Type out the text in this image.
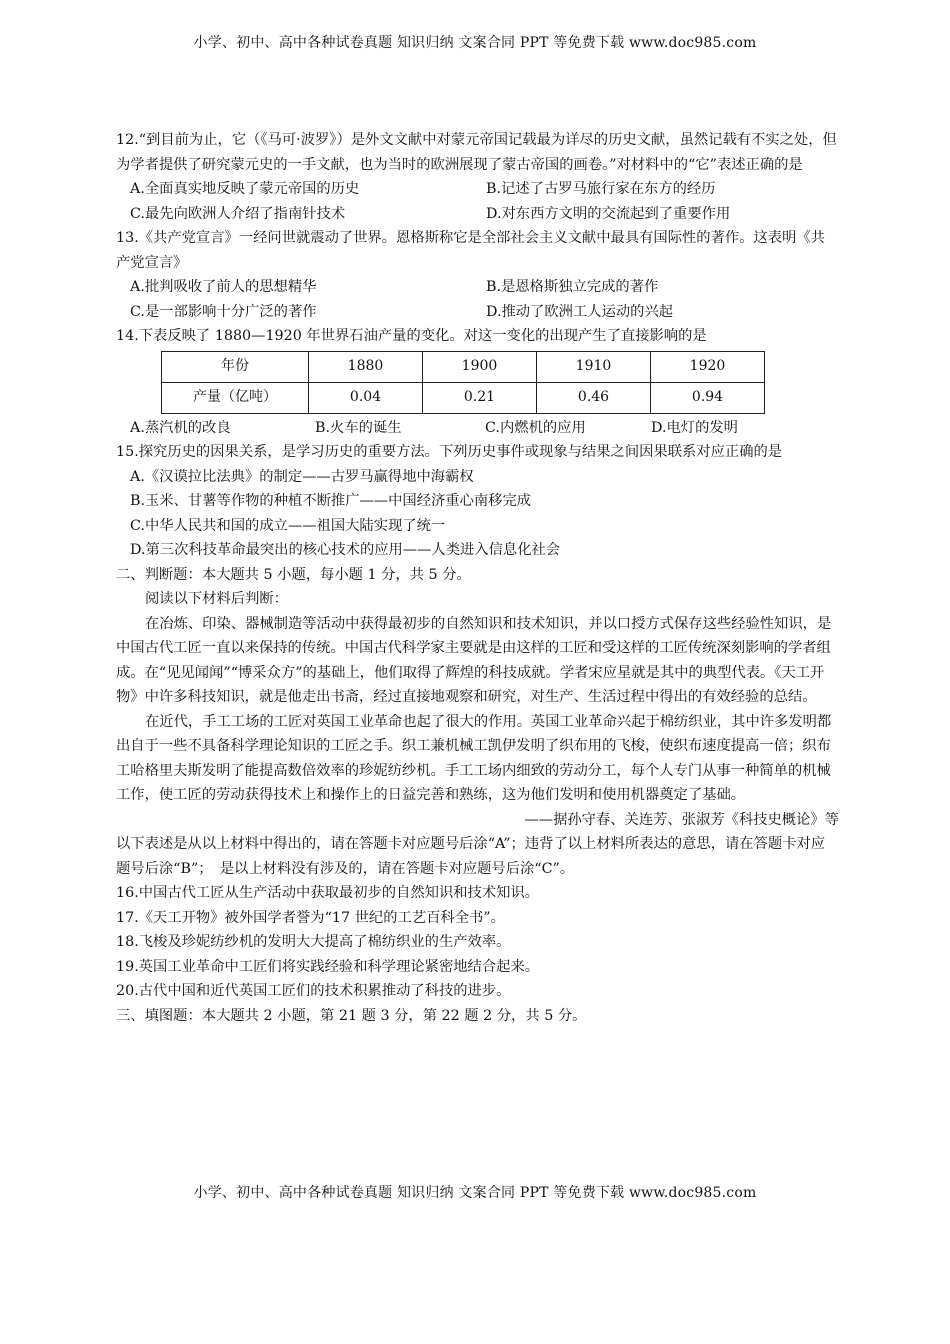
小学、初中、高中各种试卷真题 知识归纳 文案合同 PPT 等免费下载 www.doc985.com

12.“到目前为止，它（《马可·波罗》）是外文文献中对蒙元帝国记载最为详尽的历史文献，虽然记载有不实之处，但为学者提供了研究蒙元史的一手文献，也为当时的欧洲展现了蒙古帝国的画卷。”对材料中的“它”表述正确的是

A.全面真实地反映了蒙元帝国的历史	B.记述了古罗马旅行家在东方的经历
C.最先向欧洲人介绍了指南针技术	D.对东西方文明的交流起到了重要作用

13.《共产党宣言》一经问世就震动了世界。恩格斯称它是全部社会主义文献中最具有国际性的著作。这表明《共产党宣言》

A.批判吸收了前人的思想精华	B.是恩格斯独立完成的著作
C.是一部影响十分广泛的著作	D.推动了欧洲工人运动的兴起

14.下表反映了 1880—1920 年世界石油产量的变化。对这一变化的出现产生了直接影响的是

年份	1880	1900	1910	1920
产量（亿吨）	0.04	0.21	0.46	0.94
A.蒸汽机的改良	B.火车的诞生	C.内燃机的应用	D.电灯的发明

15.探究历史的因果关系，是学习历史的重要方法。下列历史事件或现象与结果之间因果联系对应正确的是

A.《汉谟拉比法典》的制定——古罗马赢得地中海霸权

B.玉米、甘薯等作物的种植不断推广——中国经济重心南移完成

C.中华人民共和国的成立——祖国大陆实现了统一

D.第三次科技革命最突出的核心技术的应用——人类进入信息化社会

二、判断题：本大题共 5 小题，每小题 1 分，共 5 分。

阅读以下材料后判断：

在冶炼、印染、器械制造等活动中获得最初步的自然知识和技术知识，并以口授方式保存这些经验性知识，是中国古代工匠一直以来保持的传统。中国古代科学家主要就是由这样的工匠和受这样的工匠传统深刻影响的学者组成。在“见见闻闻”“博采众方”的基础上，他们取得了辉煌的科技成就。学者宋应星就是其中的典型代表。《天工开物》中许多科技知识，就是他走出书斋，经过直接地观察和研究，对生产、生活过程中得出的有效经验的总结。

在近代，手工工场的工匠对英国工业革命也起了很大的作用。英国工业革命兴起于棉纺织业，其中许多发明都出自于一些不具备科学理论知识的工匠之手。织工兼机械工凯伊发明了织布用的飞梭，使织布速度提高一倍；织布工哈格里夫斯发明了能提高数倍效率的珍妮纺纱机。手工工场内细致的劳动分工，每个人专门从事一种简单的机械工作，使工匠的劳动获得技术上和操作上的日益完善和熟练，这为他们发明和使用机器奠定了基础。

——据孙守春、关连芳、张淑芳《科技史概论》等

以下表述是从以上材料中得出的，请在答题卡对应题号后涂“A”；违背了以上材料所表达的意思，请在答题卡对应题号后涂“B”；　是以上材料没有涉及的，请在答题卡对应题号后涂“C”。

16.中国古代工匠从生产活动中获取最初步的自然知识和技术知识。

17.《天工开物》被外国学者誉为“17 世纪的工艺百科全书”。

18.飞梭及珍妮纺纱机的发明大大提高了棉纺织业的生产效率。

19.英国工业革命中工匠们将实践经验和科学理论紧密地结合起来。

20.古代中国和近代英国工匠们的技术积累推动了科技的进步。

三、填图题：本大题共 2 小题，第 21 题 3 分，第 22 题 2 分，共 5 分。

小学、初中、高中各种试卷真题 知识归纳 文案合同 PPT 等免费下载 www.doc985.com
